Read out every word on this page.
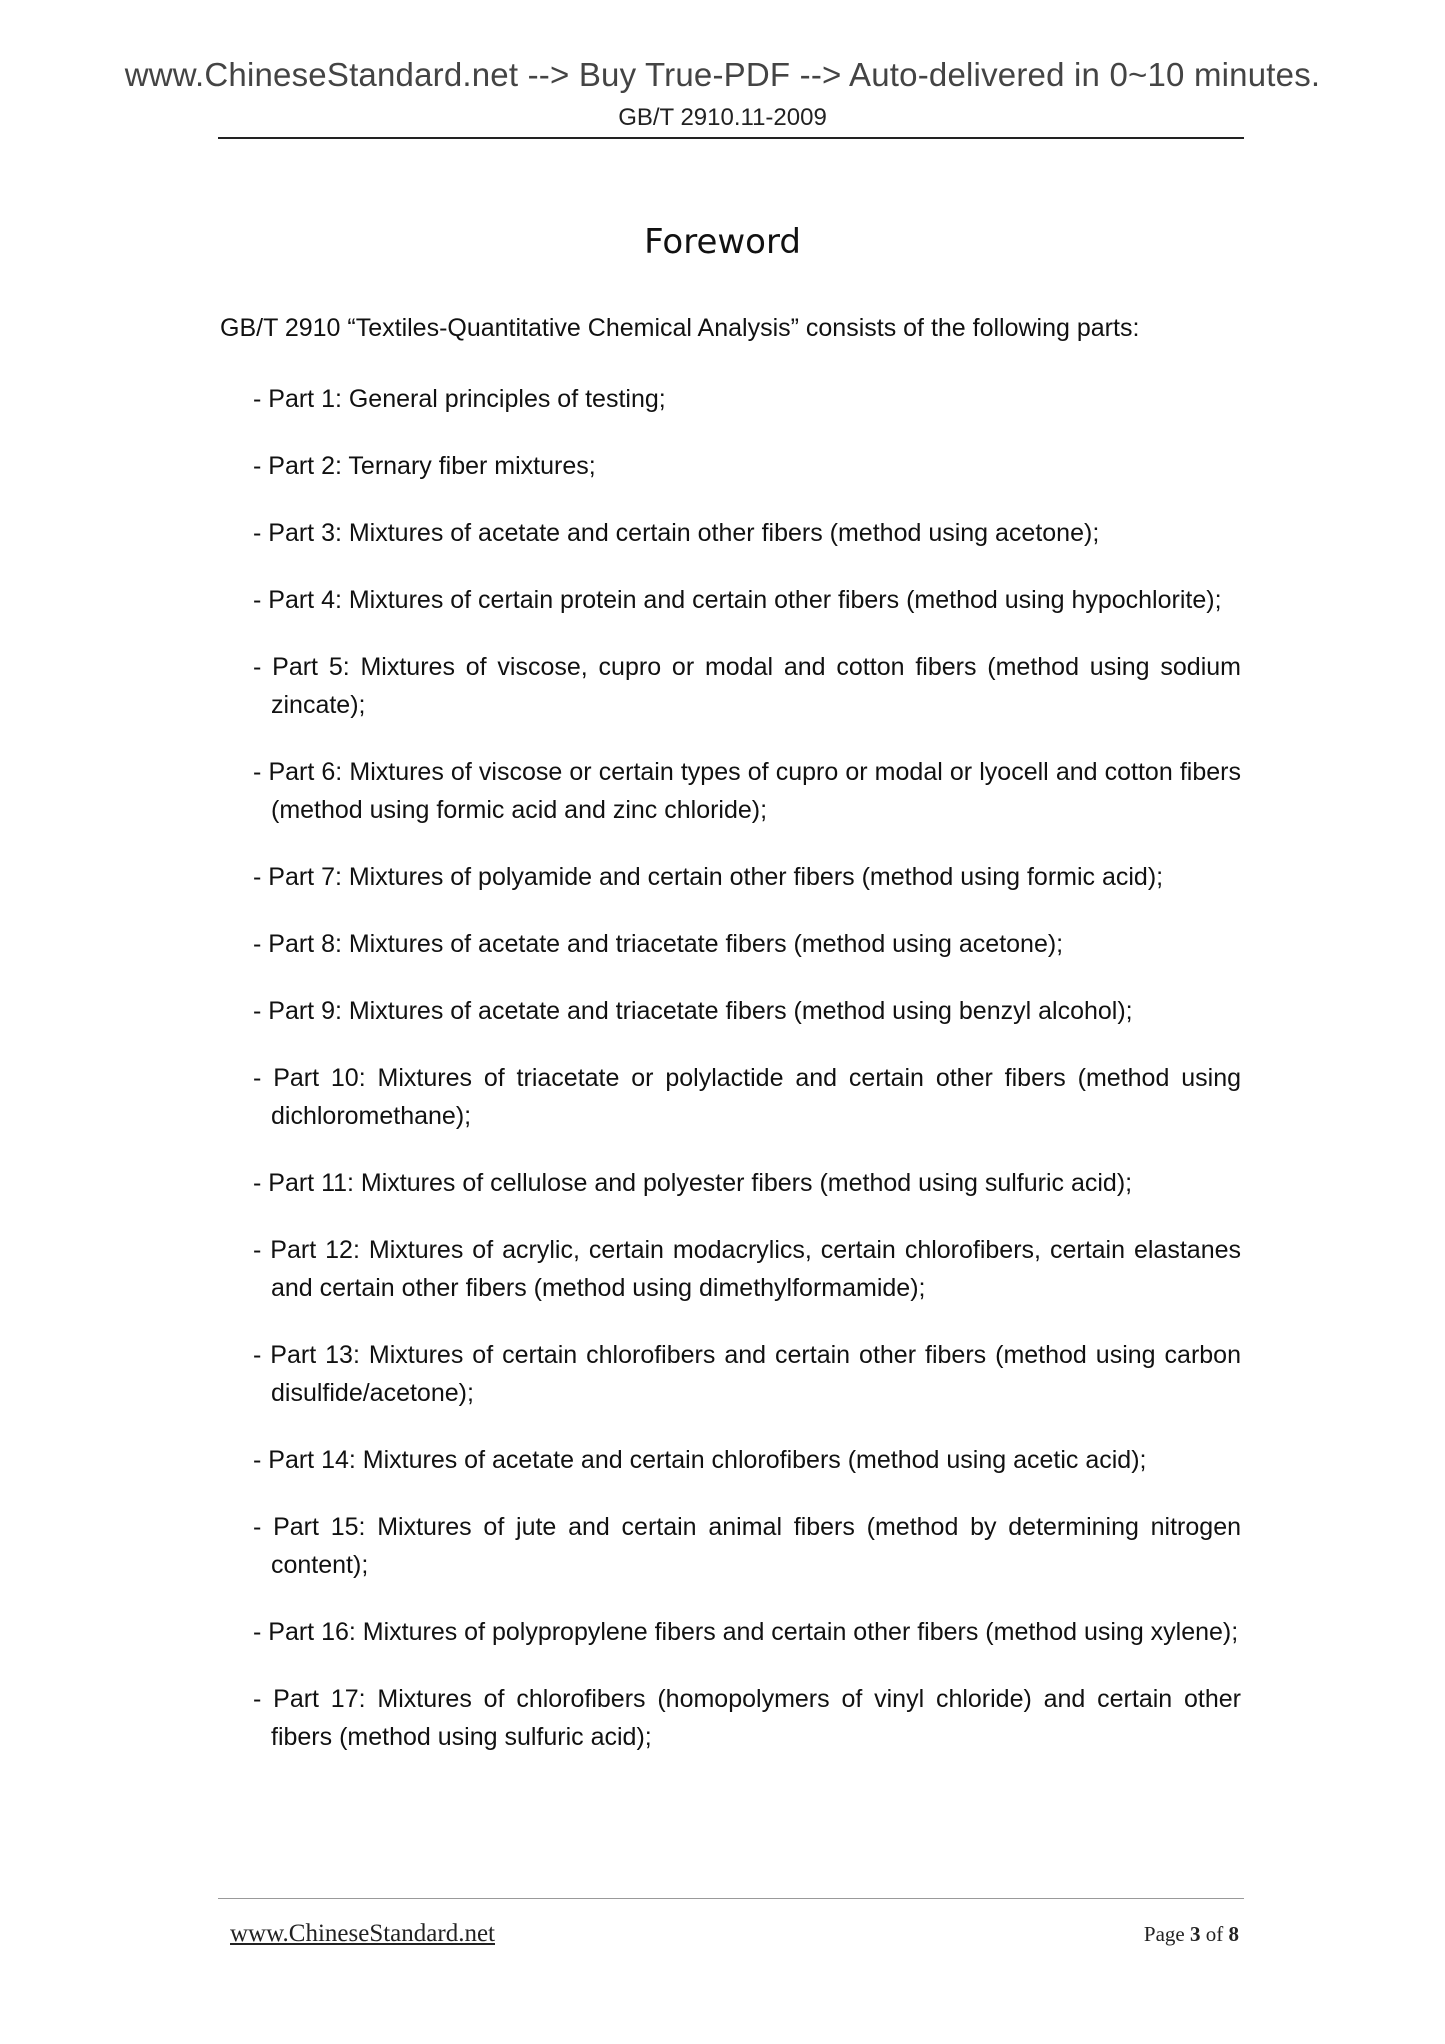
www.ChineseStandard.net --> Buy True-PDF --> Auto-delivered in 0~10 minutes.
GB/T 2910.11-2009
Foreword
GB/T 2910 “Textiles-Quantitative Chemical Analysis” consists of the following parts:
- Part 1: General principles of testing;
- Part 2: Ternary fiber mixtures;
- Part 3: Mixtures of acetate and certain other fibers (method using acetone);
- Part 4: Mixtures of certain protein and certain other fibers (method using hypochlorite);
- Part 5: Mixtures of viscose, cupro or modal and cotton fibers (method using sodium zincate);
- Part 6: Mixtures of viscose or certain types of cupro or modal or lyocell and cotton fibers (method using formic acid and zinc chloride);
- Part 7: Mixtures of polyamide and certain other fibers (method using formic acid);
- Part 8: Mixtures of acetate and triacetate fibers (method using acetone);
- Part 9: Mixtures of acetate and triacetate fibers (method using benzyl alcohol);
- Part 10: Mixtures of triacetate or polylactide and certain other fibers (method using dichloromethane);
- Part 11: Mixtures of cellulose and polyester fibers (method using sulfuric acid);
- Part 12: Mixtures of acrylic, certain modacrylics, certain chlorofibers, certain elastanes and certain other fibers (method using dimethylformamide);
- Part 13: Mixtures of certain chlorofibers and certain other fibers (method using carbon disulfide/acetone);
- Part 14: Mixtures of acetate and certain chlorofibers (method using acetic acid);
- Part 15: Mixtures of jute and certain animal fibers (method by determining nitrogen content);
- Part 16: Mixtures of polypropylene fibers and certain other fibers (method using xylene);
- Part 17: Mixtures of chlorofibers (homopolymers of vinyl chloride) and certain other fibers (method using sulfuric acid);
www.ChineseStandard.net	Page 3 of 8
